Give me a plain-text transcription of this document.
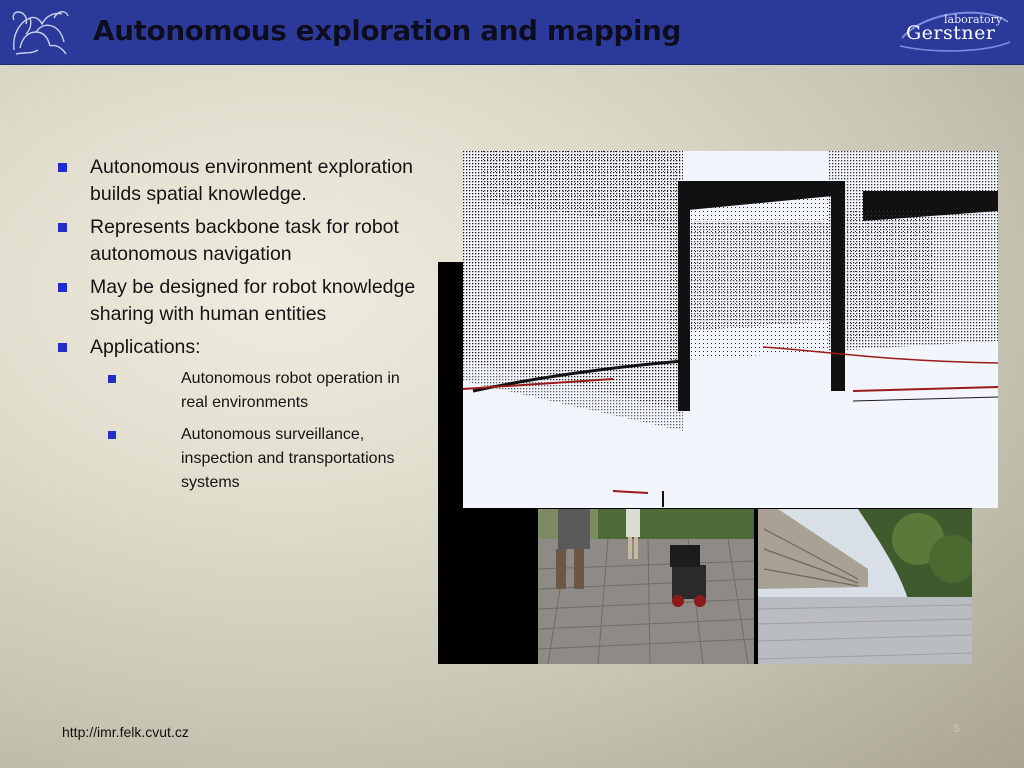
Autonomous exploration and mapping	laboratory
Gerstner
Autonomous environment exploration builds spatial knowledge.
Represents backbone task for robot autonomous navigation
May be designed for robot knowledge sharing with human entities
Applications:
Autonomous robot operation in real environments
Autonomous surveillance, inspection and transportations systems
http://imr.felk.cvut.cz	5
